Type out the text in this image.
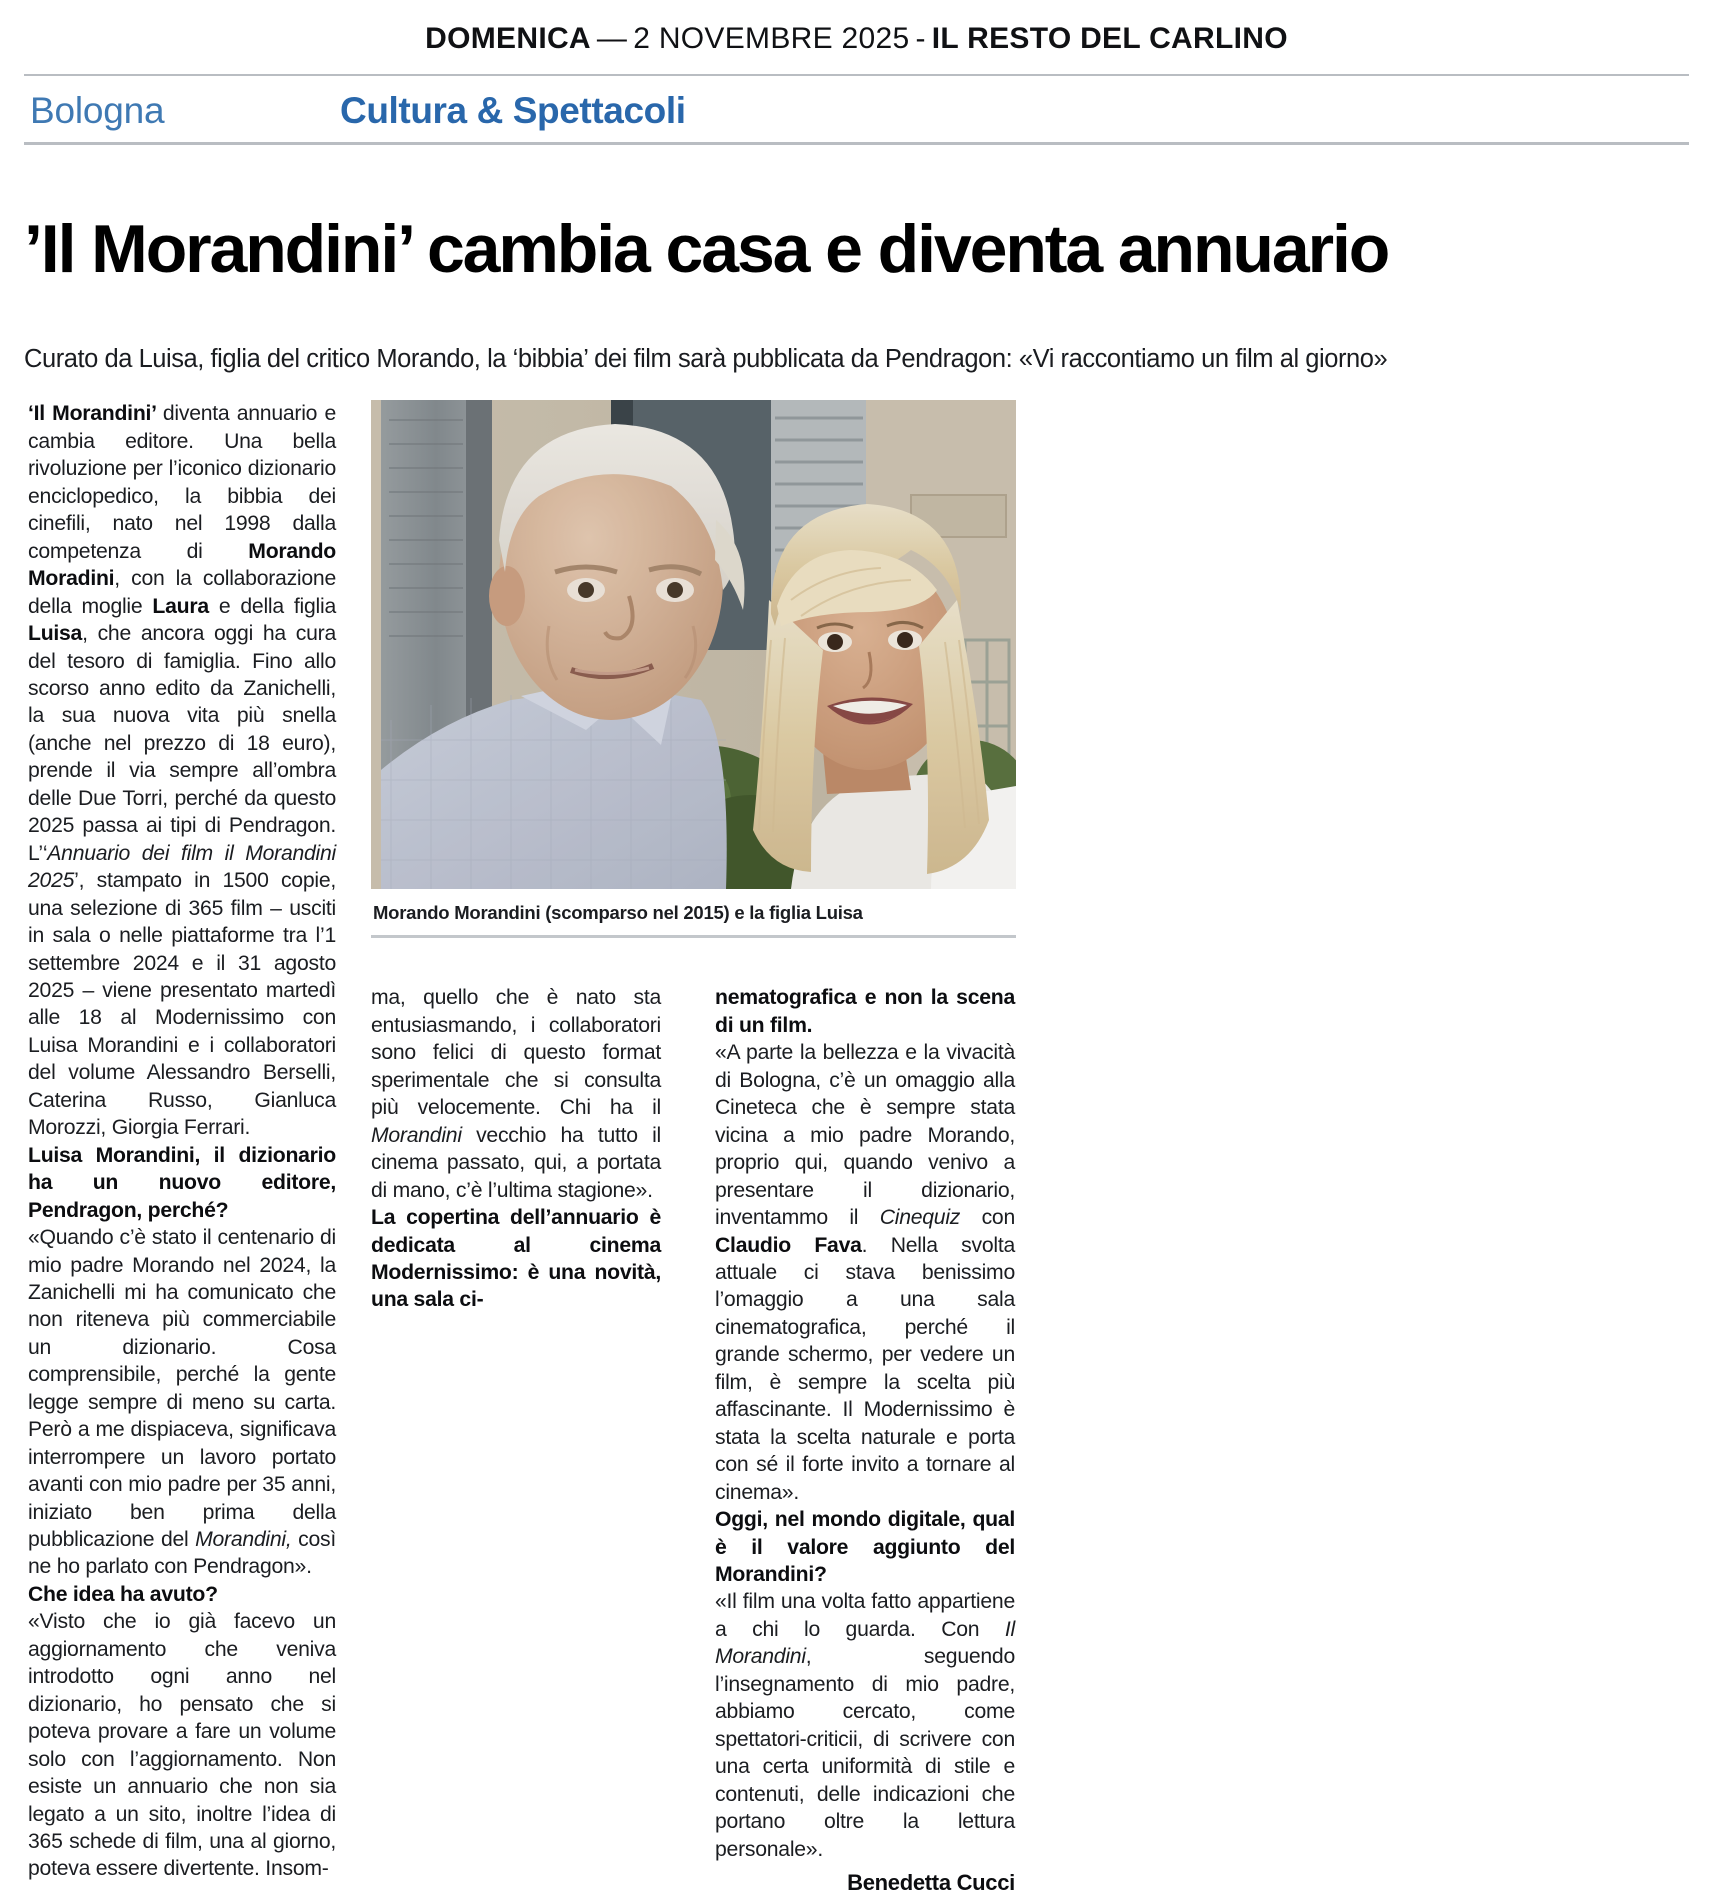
DOMENICA — 2 NOVEMBRE 2025 - IL RESTO DEL CARLINO
Bologna	Cultura & Spettacoli
’Il Morandini’ cambia casa e diventa annuario
Curato da Luisa, figlia del critico Morando, la ‘bibbia’ dei film sarà pubblicata da Pendragon: «Vi raccontiamo un film al giorno»
Morando Morandini (scomparso nel 2015) e la figlia Luisa

‘Il Morandini’ diventa annuario e cambia editore. Una bella rivoluzione per l’iconico dizionario enciclopedico, la bibbia dei cinefili, nato nel 1998 dalla competenza di Morando Moradini, con la collaborazione della moglie Laura e della figlia Luisa, che ancora oggi ha cura del tesoro di famiglia. Fino allo scorso anno edito da Zanichelli, la sua nuova vita più snella (anche nel prezzo di 18 euro), prende il via sempre all’ombra delle Due Torri, perché da questo 2025 passa ai tipi di Pendragon. L’‘Annuario dei film il Morandini 2025’, stampato in 1500 copie, una selezione di 365 film – usciti in sala o nelle piattaforme tra l’1 settembre 2024 e il 31 agosto 2025 – viene presentato martedì alle 18 al Modernissimo con Luisa Morandini e i collaboratori del volume Alessandro Berselli, Caterina Russo, Gianluca Morozzi, Giorgia Ferrari.

Luisa Morandini, il dizionario ha un nuovo editore, Pendragon, perché?

«Quando c’è stato il centenario di mio padre Morando nel 2024, la Zanichelli mi ha comunicato che non riteneva più commerciabile un dizionario. Cosa comprensibile, perché la gente legge sempre di meno su carta. Però a me dispiaceva, significava interrompere un lavoro portato avanti con mio padre per 35 anni, iniziato ben prima della pubblicazione del Morandini, così ne ho parlato con Pendragon».

Che idea ha avuto?

«Visto che io già facevo un aggiornamento che veniva introdotto ogni anno nel dizionario, ho pensato che si poteva provare a fare un volume solo con l’aggiornamento. Non esiste un annuario che non sia legato a un sito, inoltre l’idea di 365 schede di film, una al giorno, poteva essere divertente. Insom-

ma, quello che è nato sta entusiasmando, i collaboratori sono felici di questo format sperimentale che si consulta più velocemente. Chi ha il Morandini vecchio ha tutto il cinema passato, qui, a portata di mano, c’è l’ultima stagione».

La copertina dell’annuario è dedicata al cinema Modernissimo: è una novità, una sala ci-

nematografica e non la scena di un film.

«A parte la bellezza e la vivacità di Bologna, c’è un omaggio alla Cineteca che è sempre stata vicina a mio padre Morando, proprio qui, quando venivo a presentare il dizionario, inventammo il Cinequiz con Claudio Fava. Nella svolta attuale ci stava benissimo l’omaggio a una sala cinematografica, perché il grande schermo, per vedere un film, è sempre la scelta più affascinante. Il Modernissimo è stata la scelta naturale e porta con sé il forte invito a tornare al cinema».

Oggi, nel mondo digitale, qual è il valore aggiunto del Morandini?

«Il film una volta fatto appartiene a chi lo guarda. Con Il Morandini, seguendo l’insegnamento di mio padre, abbiamo cercato, come spettatori-criticii, di scrivere con una certa uniformità di stile e contenuti, delle indicazioni che portano oltre la lettura personale».

Benedetta Cucci
